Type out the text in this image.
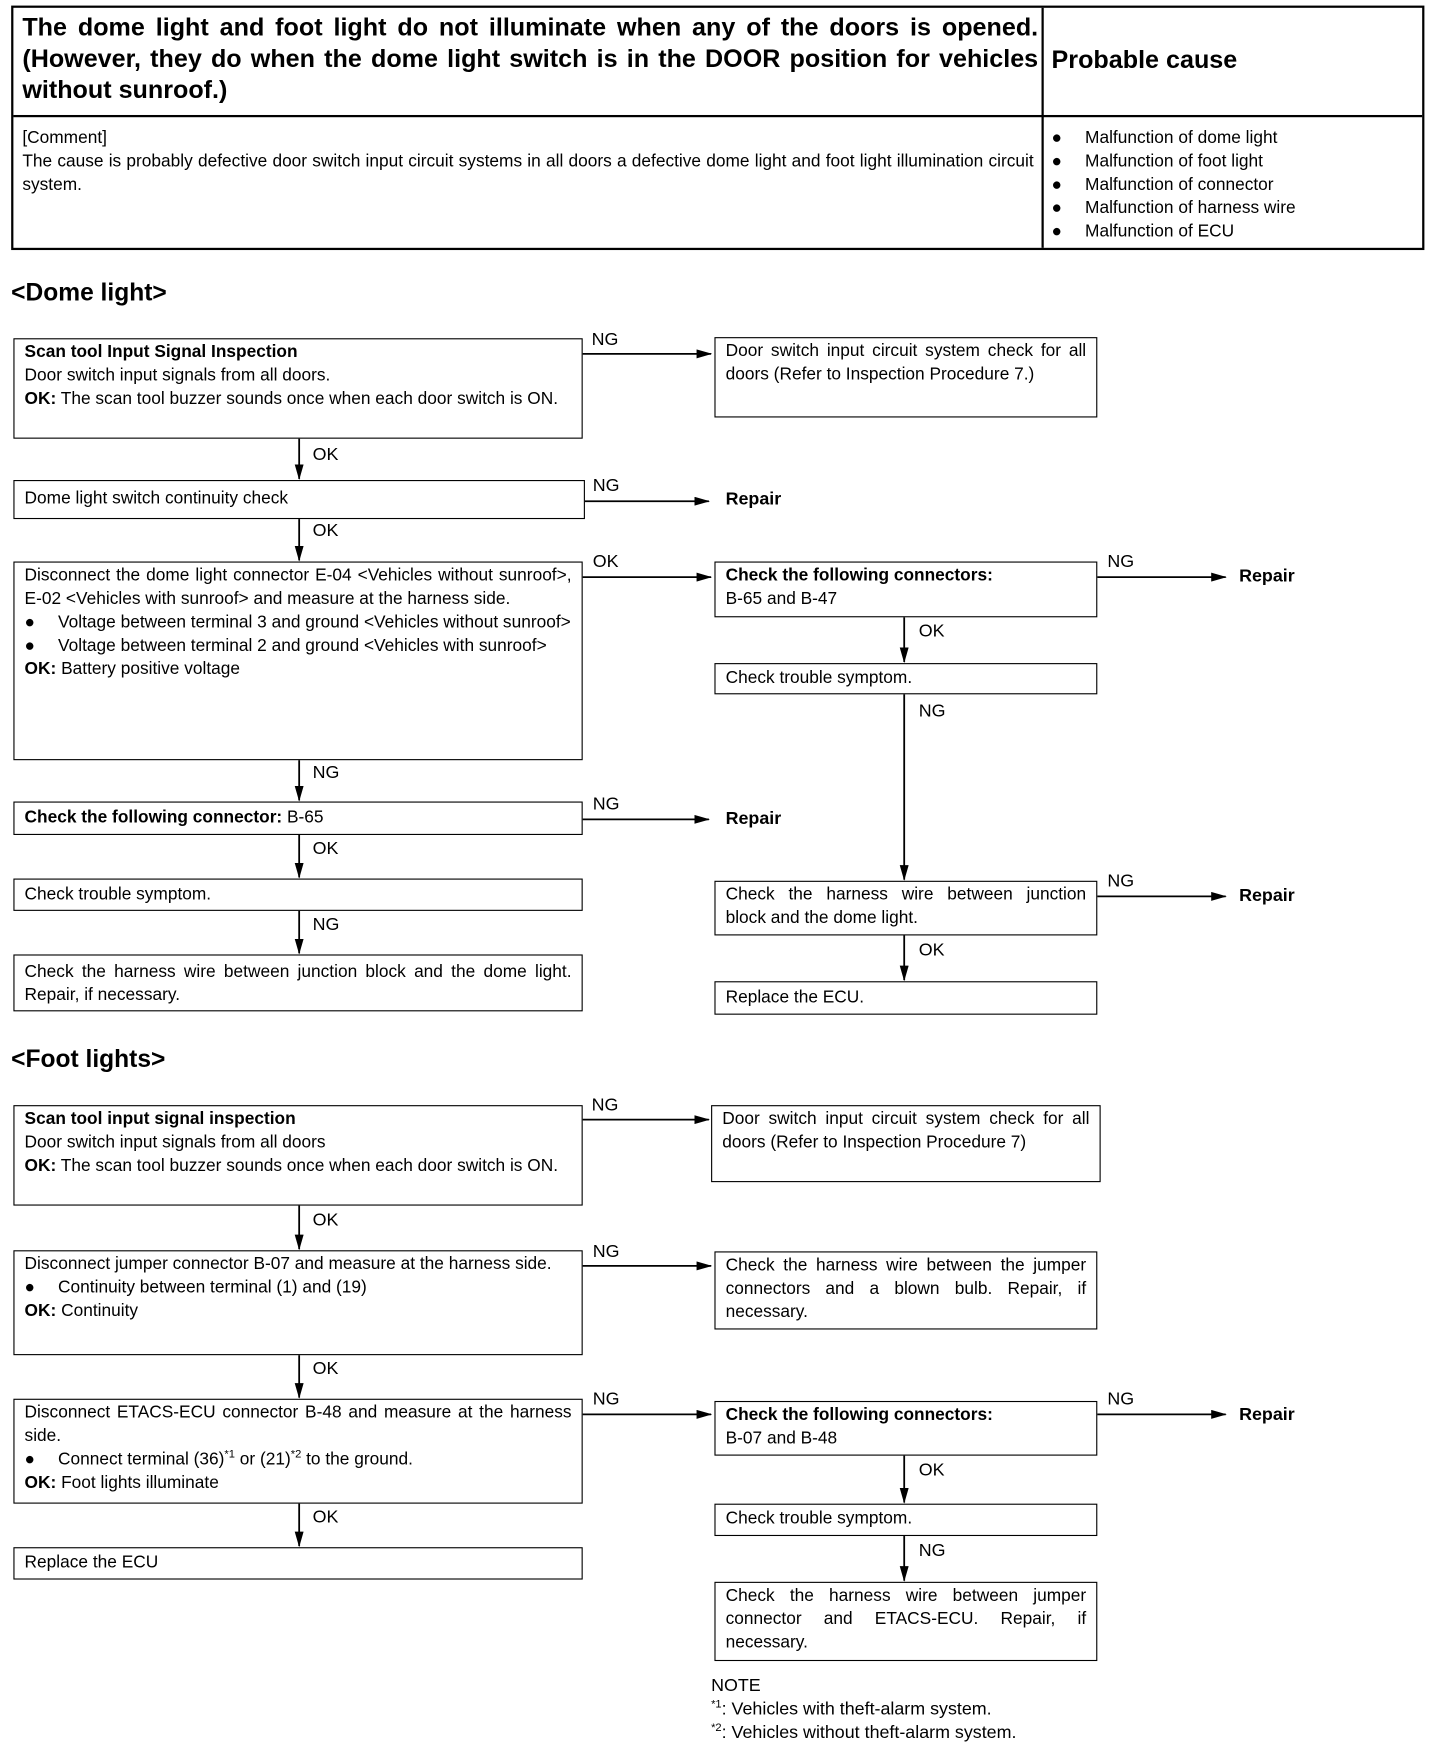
The dome light and foot light do not illuminate when any of the doors is opened. (However, they do when the dome light switch is in the DOOR position for vehicles without sunroof.)
Probable cause
[Comment]
The cause is probably defective door switch input circuit systems in all doors a defective dome light and foot light illumination circuit system.
● Malfunction of dome light
● Malfunction of foot light
● Malfunction of connector
● Malfunction of harness wire
● Malfunction of ECU
<Dome light>
Scan tool Input Signal Inspection
Door switch input signals from all doors.
OK: The scan tool buzzer sounds once when each door switch is ON.
Dome light switch continuity check
Disconnect the dome light connector E-04 <Vehicles without sunroof>, E-02 <Vehicles with sunroof> and measure at the harness side.
● Voltage between terminal 3 and ground <Vehicles without sunroof>
● Voltage between terminal 2 and ground <Vehicles with sunroof>
OK: Battery positive voltage
Check the following connector: B-65
Check trouble symptom.
Check the harness wire between junction block and the dome light. Repair, if necessary.
Door switch input circuit system check for all doors (Refer to Inspection Procedure 7.)
Check the following connectors:
B-65 and B-47
Check trouble symptom.
Check the harness wire between junction block and the dome light.
Replace the ECU.
NG
OK
NG
Repair
OK
OK	NG
Repair
OK
NG
NG
NG
Repair
OK
NG
NG
Repair
OK
<Foot lights>
Scan tool input signal inspection
Door switch input signals from all doors
OK: The scan tool buzzer sounds once when each door switch is ON.
Disconnect jumper connector B-07 and measure at the harness side.
● Continuity between terminal (1) and (19)
OK: Continuity
Disconnect ETACS-ECU connector B-48 and measure at the harness side.
● Connect terminal $(36)^{*1}$ or $(21)^{*2}$ to the ground.
OK: Foot lights illuminate
Replace the ECU
Door switch input circuit system check for all doors (Refer to Inspection Procedure 7)
Check the harness wire between the jumper connectors and a blown bulb. Repair, if necessary.
Check the following connectors:
B-07 and B-48
Check trouble symptom.
Check the harness wire between jumper connector and ETACS-ECU. Repair, if necessary.
NG
OK
NG
OK
NG	NG
Repair
OK
OK
NG
NOTE
$^{*1}$: Vehicles with theft-alarm system.
$^{*2}$: Vehicles without theft-alarm system.
